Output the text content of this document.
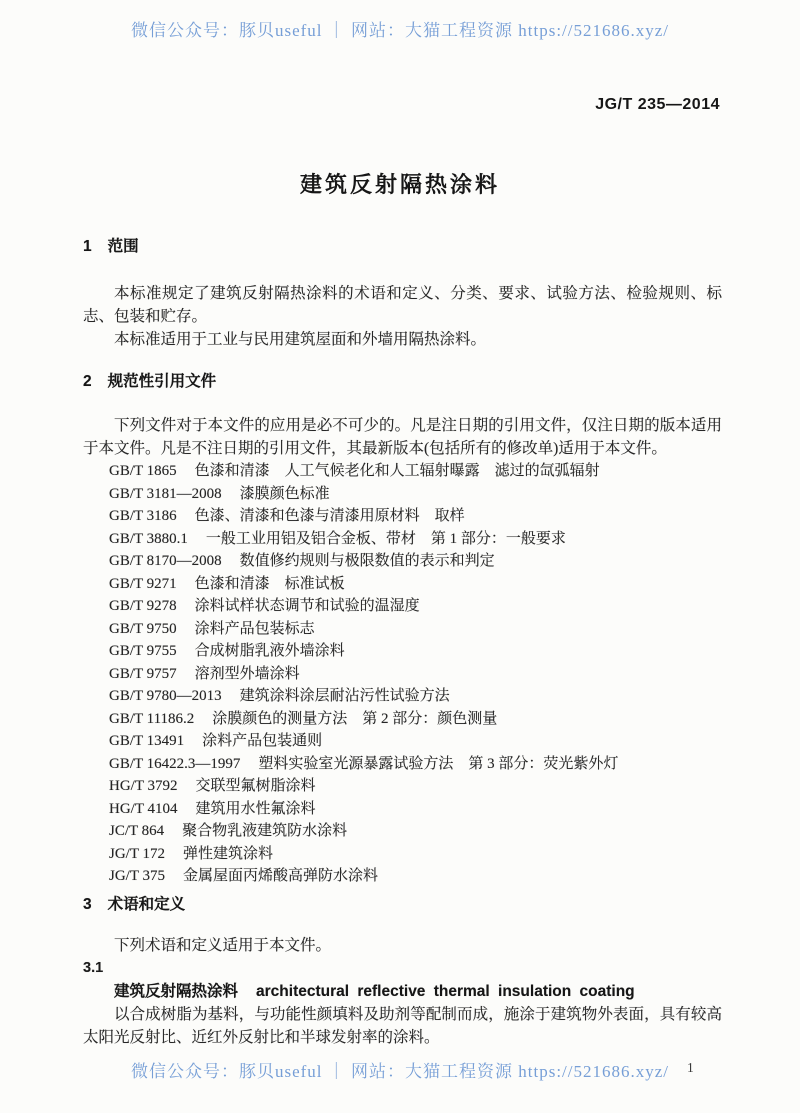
微信公众号：豚贝useful ｜ 网站：大猫工程资源 https://521686.xyz/
JG/T 235—2014
建筑反射隔热涂料
1 范围

本标准规定了建筑反射隔热涂料的术语和定义、分类、要求、试验方法、检验规则、标志、包装和贮存。

本标准适用于工业与民用建筑屋面和外墙用隔热涂料。

2 规范性引用文件

下列文件对于本文件的应用是必不可少的。凡是注日期的引用文件，仅注日期的版本适用于本文件。凡是不注日期的引用文件，其最新版本(包括所有的修改单)适用于本文件。

GB/T 1865 色漆和清漆　人工气候老化和人工辐射曝露　滤过的氙弧辐射
GB/T 3181—2008 漆膜颜色标准
GB/T 3186 色漆、清漆和色漆与清漆用原材料　取样
GB/T 3880.1 一般工业用铝及铝合金板、带材　第 1 部分：一般要求
GB/T 8170—2008 数值修约规则与极限数值的表示和判定
GB/T 9271 色漆和清漆　标准试板
GB/T 9278 涂料试样状态调节和试验的温湿度
GB/T 9750 涂料产品包装标志
GB/T 9755 合成树脂乳液外墙涂料
GB/T 9757 溶剂型外墙涂料
GB/T 9780—2013 建筑涂料涂层耐沾污性试验方法
GB/T 11186.2 涂膜颜色的测量方法　第 2 部分：颜色测量
GB/T 13491 涂料产品包装通则
GB/T 16422.3—1997 塑料实验室光源暴露试验方法　第 3 部分：荧光紫外灯
HG/T 3792 交联型氟树脂涂料
HG/T 4104 建筑用水性氟涂料
JC/T 864 聚合物乳液建筑防水涂料
JG/T 172 弹性建筑涂料
JG/T 375 金属屋面丙烯酸高弹防水涂料
3 术语和定义

下列术语和定义适用于本文件。

3.1

建筑反射隔热涂料 architectural reflective thermal insulation coating

以合成树脂为基料，与功能性颜填料及助剂等配制而成，施涂于建筑物外表面，具有较高太阳光反射比、近红外反射比和半球发射率的涂料。

微信公众号：豚贝useful ｜ 网站：大猫工程资源 https://521686.xyz/	1
